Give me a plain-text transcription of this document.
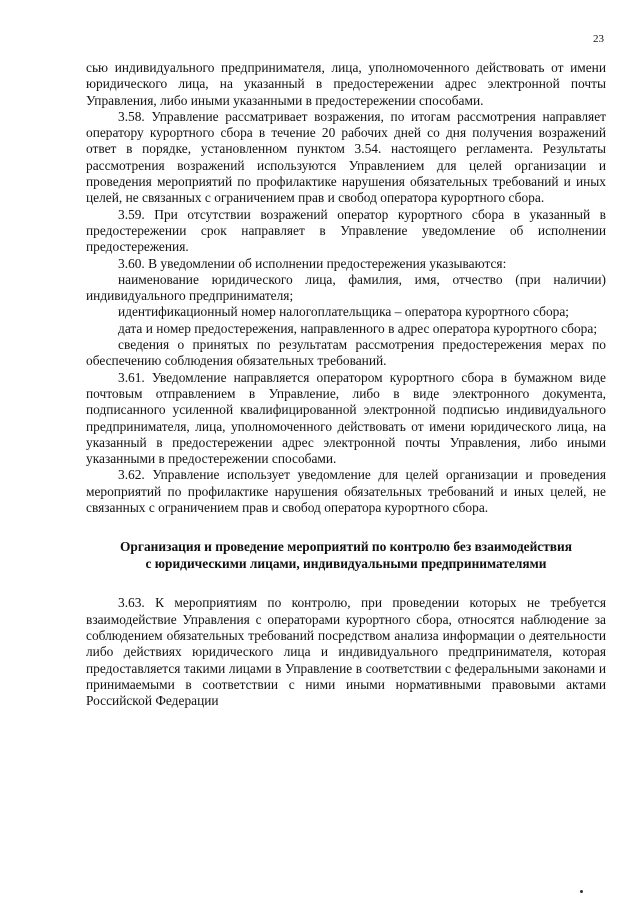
23

сью индивидуального предпринимателя, лица, уполномоченного действовать от имени юридического лица, на указанный в предостережении адрес электронной почты Управления, либо иными указанными в предостережении способами.

3.58. Управление рассматривает возражения, по итогам рассмотрения направляет оператору курортного сбора в течение 20 рабочих дней со дня получения возражений ответ в порядке, установленном пунктом 3.54. настоящего регламента. Результаты рассмотрения возражений используются Управлением для целей организации и проведения мероприятий по профилактике нарушения обязательных требований и иных целей, не связанных с ограничением прав и свобод оператора курортного сбора.

3.59. При отсутствии возражений оператор курортного сбора в указанный в предостережении срок направляет в Управление уведомление об исполнении предостережения.

3.60. В уведомлении об исполнении предостережения указываются:

наименование юридического лица, фамилия, имя, отчество (при наличии) индивидуального предпринимателя;

идентификационный номер налогоплательщика – оператора курортного сбора;

дата и номер предостережения, направленного в адрес оператора курортного сбора;

сведения о принятых по результатам рассмотрения предостережения мерах по обеспечению соблюдения обязательных требований.

3.61. Уведомление направляется оператором курортного сбора в бумажном виде почтовым отправлением в Управление, либо в виде электронного документа, подписанного усиленной квалифицированной электронной подписью индивидуального предпринимателя, лица, уполномоченного действовать от имени юридического лица, на указанный в предостережении адрес электронной почты Управления, либо иными указанными в предостережении способами.

3.62. Управление использует уведомление для целей организации и проведения мероприятий по профилактике нарушения обязательных требований и иных целей, не связанных с ограничением прав и свобод оператора курортного сбора.

Организация и проведение мероприятий по контролю без взаимодействия
с юридическими лицами, индивидуальными предпринимателями

3.63. К мероприятиям по контролю, при проведении которых не требуется взаимодействие Управления с операторами курортного сбора, относятся наблюдение за соблюдением обязательных требований посредством анализа информации о деятельности либо действиях юридического лица и индивидуального предпринимателя, которая предоставляется такими лицами в Управление в соответствии с федеральными законами и принимаемыми в соответствии с ними иными нормативными правовыми актами Российской Федерации
